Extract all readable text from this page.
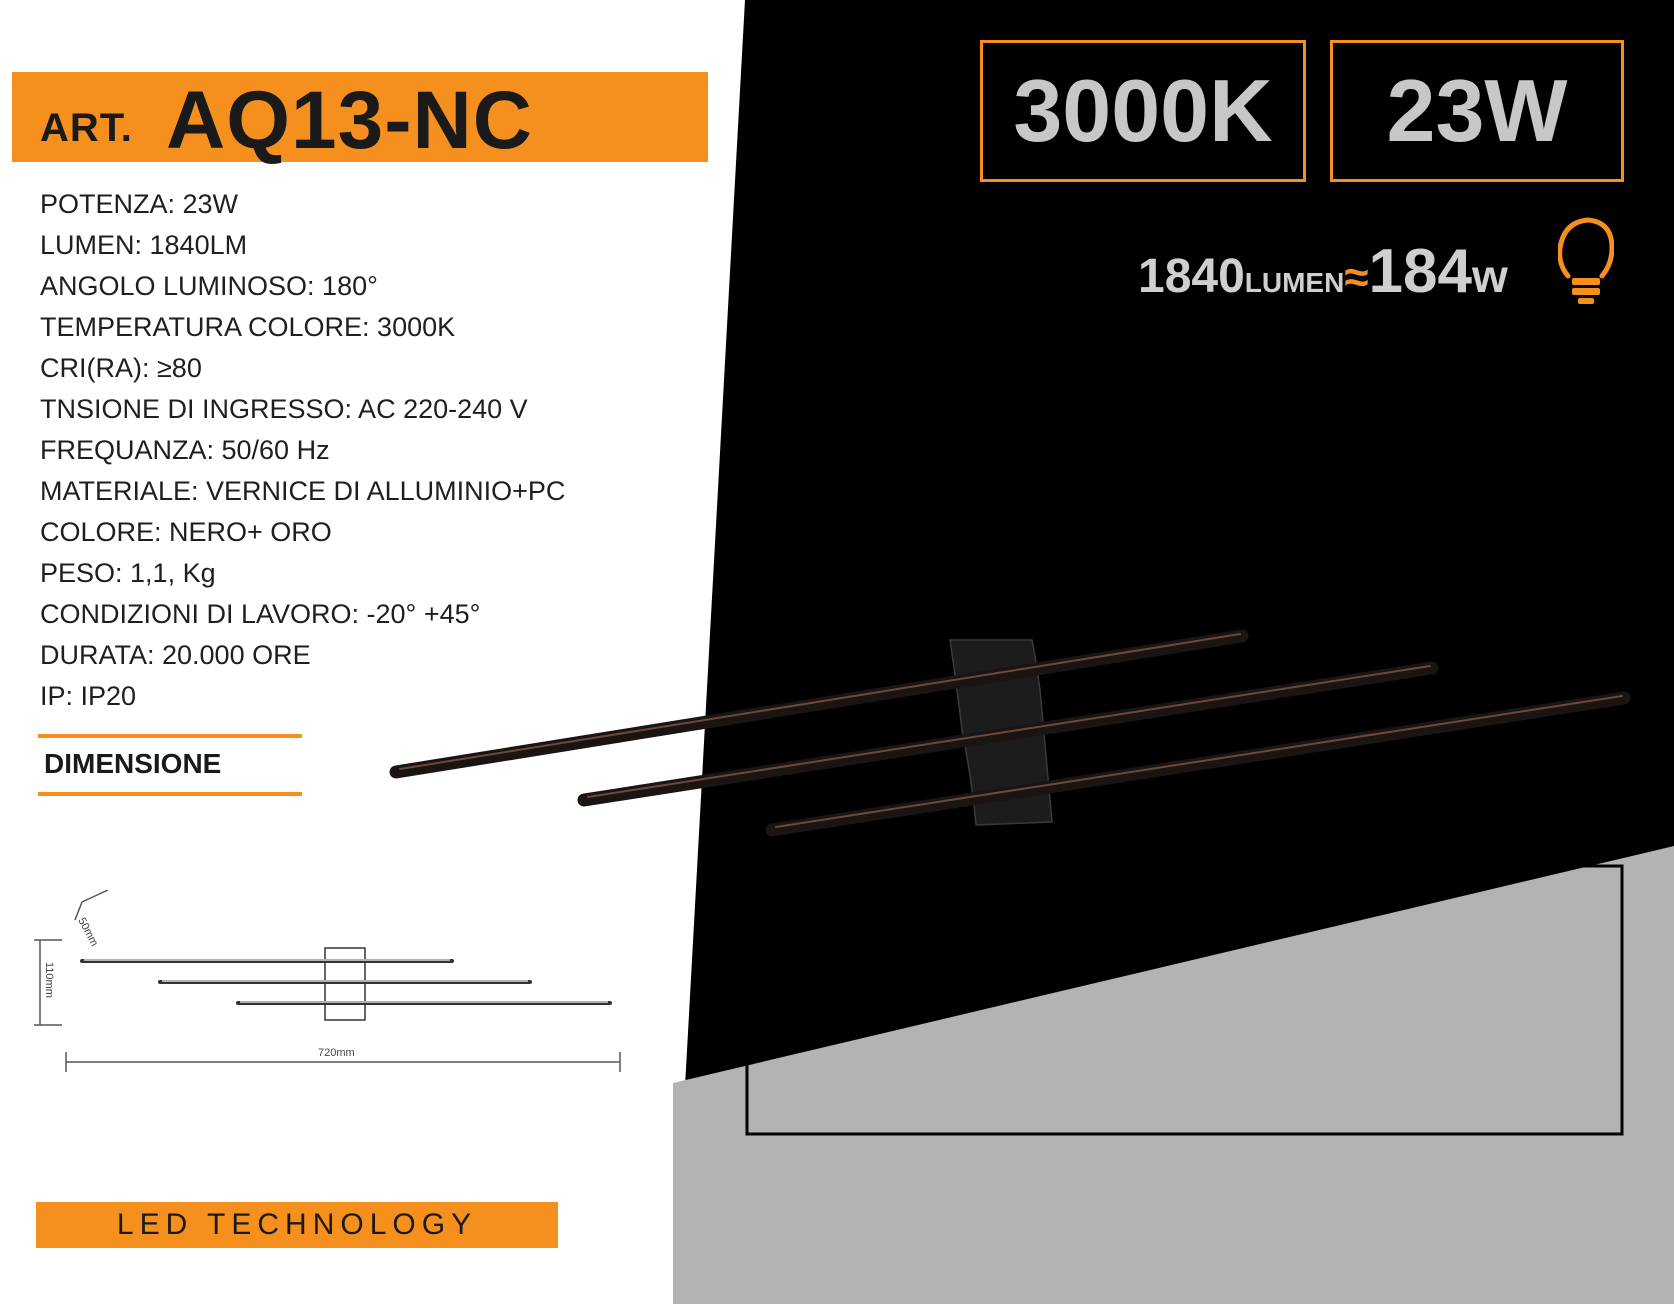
ART. AQ13-NC
POTENZA: 23W
LUMEN: 1840LM
ANGOLO LUMINOSO: 180°
TEMPERATURA COLORE: 3000K
CRI(RA): ≥80
TNSIONE DI INGRESSO: AC 220-240 V
FREQUANZA: 50/60 Hz
MATERIALE: VERNICE DI ALLUMINIO+PC
COLORE: NERO+ ORO
PESO: 1,1, Kg
CONDIZIONI DI LAVORO: -20° +45°
DURATA: 20.000 ORE
IP: IP20
DIMENSIONE
50mm
110mm
720mm
LED TECHNOLOGY
3000K	23W
1840LUMEN≈184w
